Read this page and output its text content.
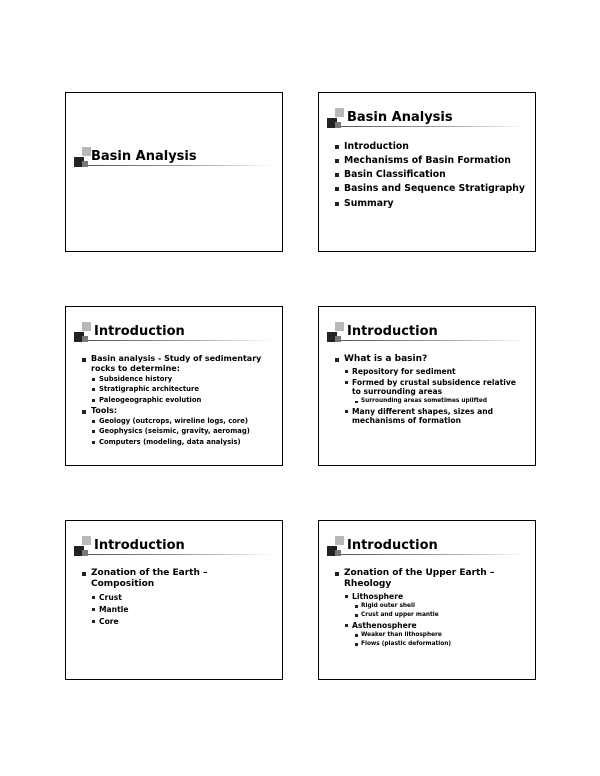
Basin Analysis
Basin Analysis
Introduction
Mechanisms of Basin Formation
Basin Classification
Basins and Sequence Stratigraphy
Summary
Introduction
Basin analysis - Study of sedimentary rocks to determine:
Subsidence history
Stratigraphic architecture
Paleogeographic evolution
Tools:
Geology (outcrops, wireline logs, core)
Geophysics (seismic, gravity, aeromag)
Computers (modeling, data analysis)
Introduction
What is a basin?
Repository for sediment
Formed by crustal subsidence relative to surrounding areas
Surrounding areas sometimes uplifted
Many different shapes, sizes and mechanisms of formation
Introduction
Zonation of the Earth – Composition
Crust
Mantle
Core
Introduction
Zonation of the Upper Earth – Rheology
Lithosphere
Rigid outer shell
Crust and upper mantle
Asthenosphere
Weaker than lithosphere
Flows (plastic deformation)
